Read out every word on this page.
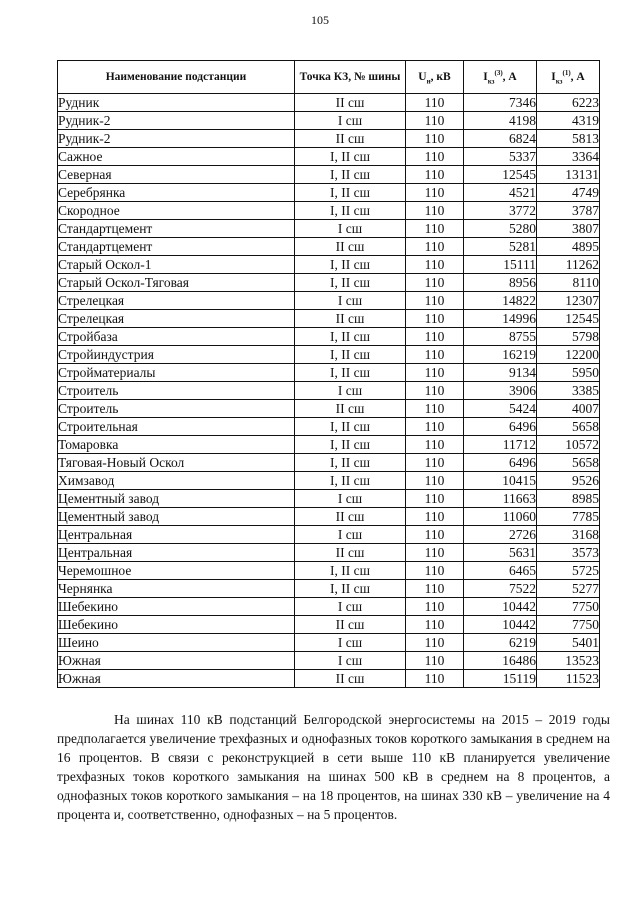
105
Наименование подстанции	Точка КЗ, № шины	$U_н$, кВ	$I_{кз}^{(3)}$, А	$I_{кз}^{(1)}$, А
Рудник	II сш	110	7346	6223
Рудник-2	I сш	110	4198	4319
Рудник-2	II сш	110	6824	5813
Сажное	I, II сш	110	5337	3364
Северная	I, II сш	110	12545	13131
Серебрянка	I, II сш	110	4521	4749
Скородное	I, II сш	110	3772	3787
Стандартцемент	I сш	110	5280	3807
Стандартцемент	II сш	110	5281	4895
Старый Оскол-1	I, II сш	110	15111	11262
Старый Оскол-Тяговая	I, II сш	110	8956	8110
Стрелецкая	I сш	110	14822	12307
Стрелецкая	II сш	110	14996	12545
Стройбаза	I, II сш	110	8755	5798
Стройиндустрия	I, II сш	110	16219	12200
Стройматериалы	I, II сш	110	9134	5950
Строитель	I сш	110	3906	3385
Строитель	II сш	110	5424	4007
Строительная	I, II сш	110	6496	5658
Томаровка	I, II сш	110	11712	10572
Тяговая-Новый Оскол	I, II сш	110	6496	5658
Химзавод	I, II сш	110	10415	9526
Цементный завод	I сш	110	11663	8985
Цементный завод	II сш	110	11060	7785
Центральная	I сш	110	2726	3168
Центральная	II сш	110	5631	3573
Черемошное	I, II сш	110	6465	5725
Чернянка	I, II сш	110	7522	5277
Шебекино	I сш	110	10442	7750
Шебекино	II сш	110	10442	7750
Шеино	I сш	110	6219	5401
Южная	I сш	110	16486	13523
Южная	II сш	110	15119	11523

На шинах 110 кВ подстанций Белгородской энергосистемы на 2015 – 2019 годы предполагается увеличение трехфазных и однофазных токов короткого замыкания в среднем на 16 процентов. В связи с реконструкцией в сети выше 110 кВ планируется увеличение трехфазных токов короткого замыкания на шинах 500 кВ в среднем на 8 процентов, а однофазных токов короткого замыкания – на 18 процентов, на шинах 330 кВ – увеличение на 4 процента и, соответственно, однофазных – на 5 процентов.
